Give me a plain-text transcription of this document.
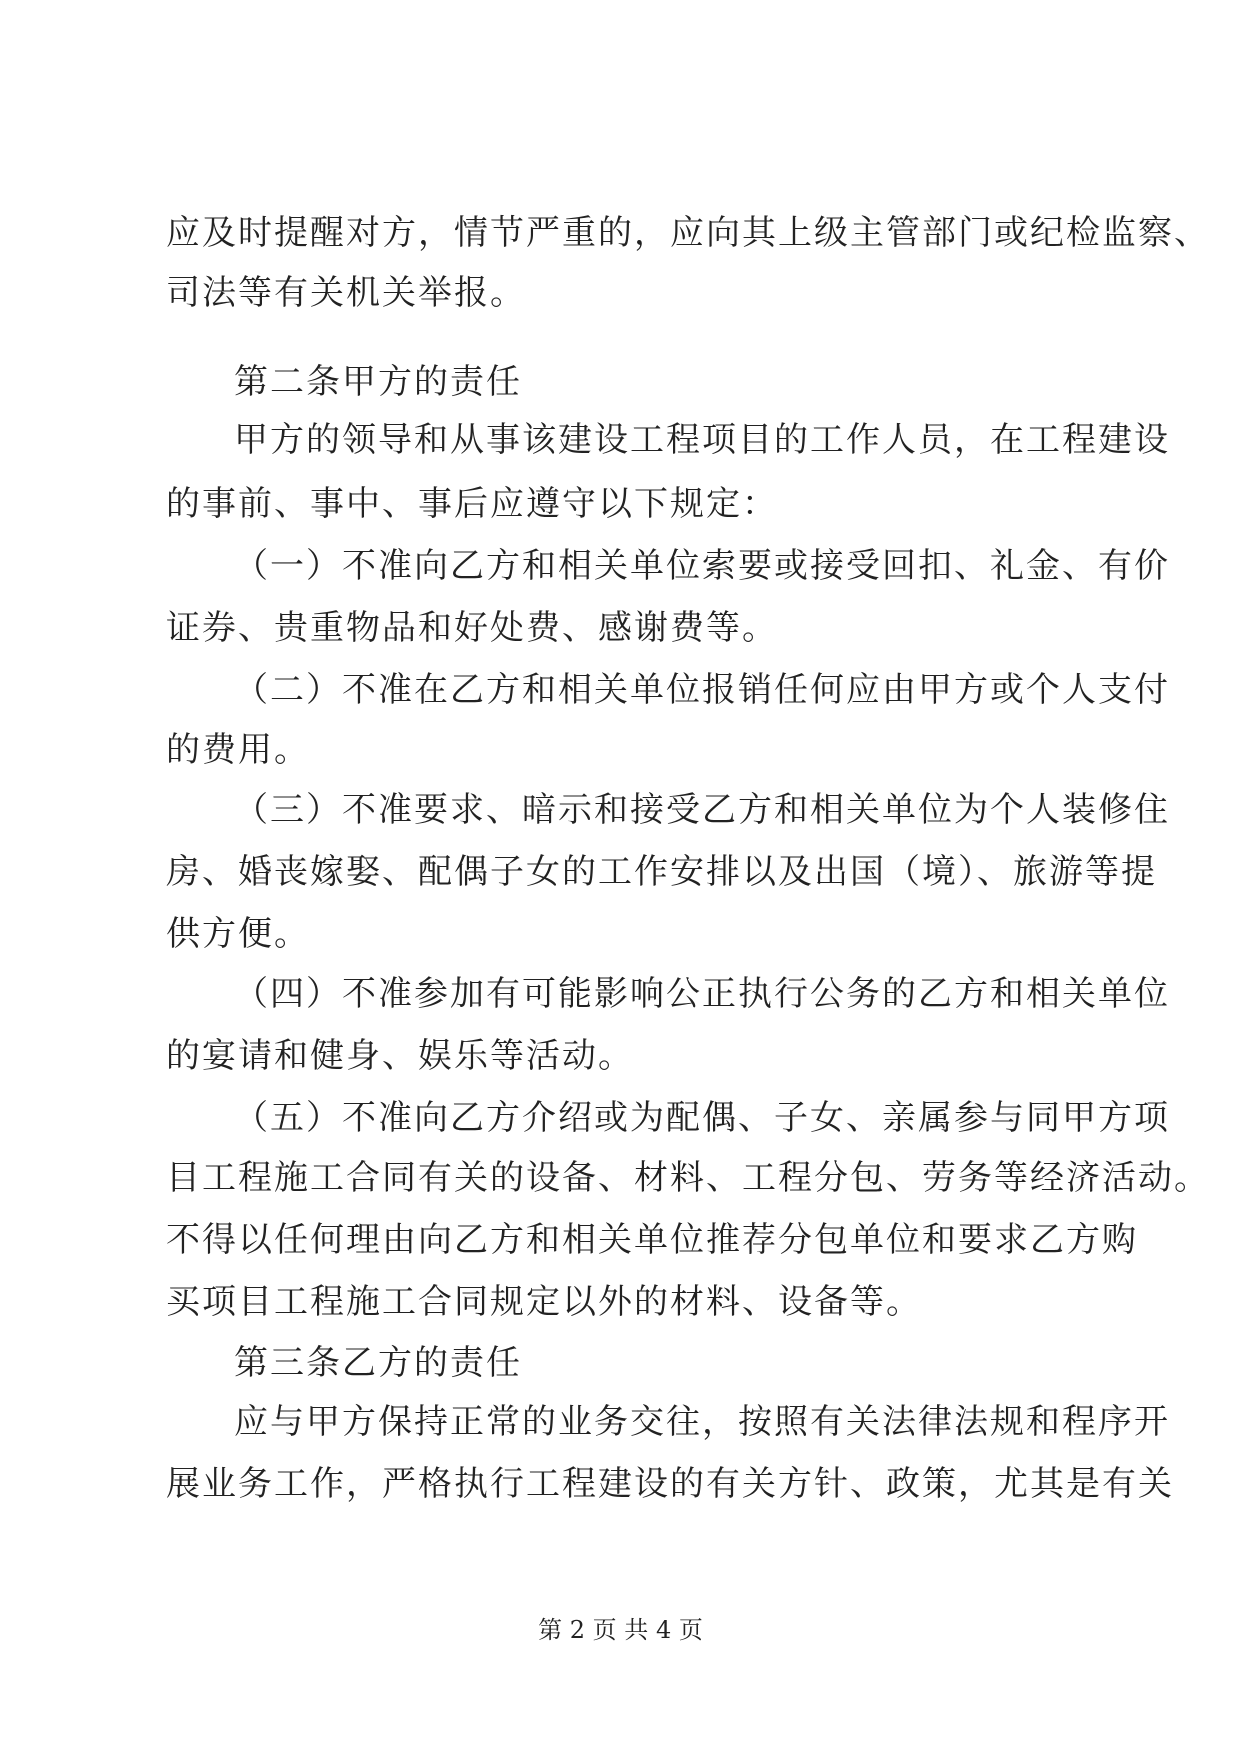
应及时提醒对方，情节严重的，应向其上级主管部门或纪检监察、
司法等有关机关举报。
第二条甲方的责任
甲方的领导和从事该建设工程项目的工作人员，在工程建设
的事前、事中、事后应遵守以下规定：
（一）不准向乙方和相关单位索要或接受回扣、礼金、有价
证券、贵重物品和好处费、感谢费等。
（二）不准在乙方和相关单位报销任何应由甲方或个人支付
的费用。
（三）不准要求、暗示和接受乙方和相关单位为个人装修住
房、婚丧嫁娶、配偶子女的工作安排以及出国（境）、旅游等提
供方便。
（四）不准参加有可能影响公正执行公务的乙方和相关单位
的宴请和健身、娱乐等活动。
（五）不准向乙方介绍或为配偶、子女、亲属参与同甲方项
目工程施工合同有关的设备、材料、工程分包、劳务等经济活动。
不得以任何理由向乙方和相关单位推荐分包单位和要求乙方购
买项目工程施工合同规定以外的材料、设备等。
第三条乙方的责任
应与甲方保持正常的业务交往，按照有关法律法规和程序开
展业务工作，严格执行工程建设的有关方针、政策，尤其是有关
第 2 页 共 4 页
